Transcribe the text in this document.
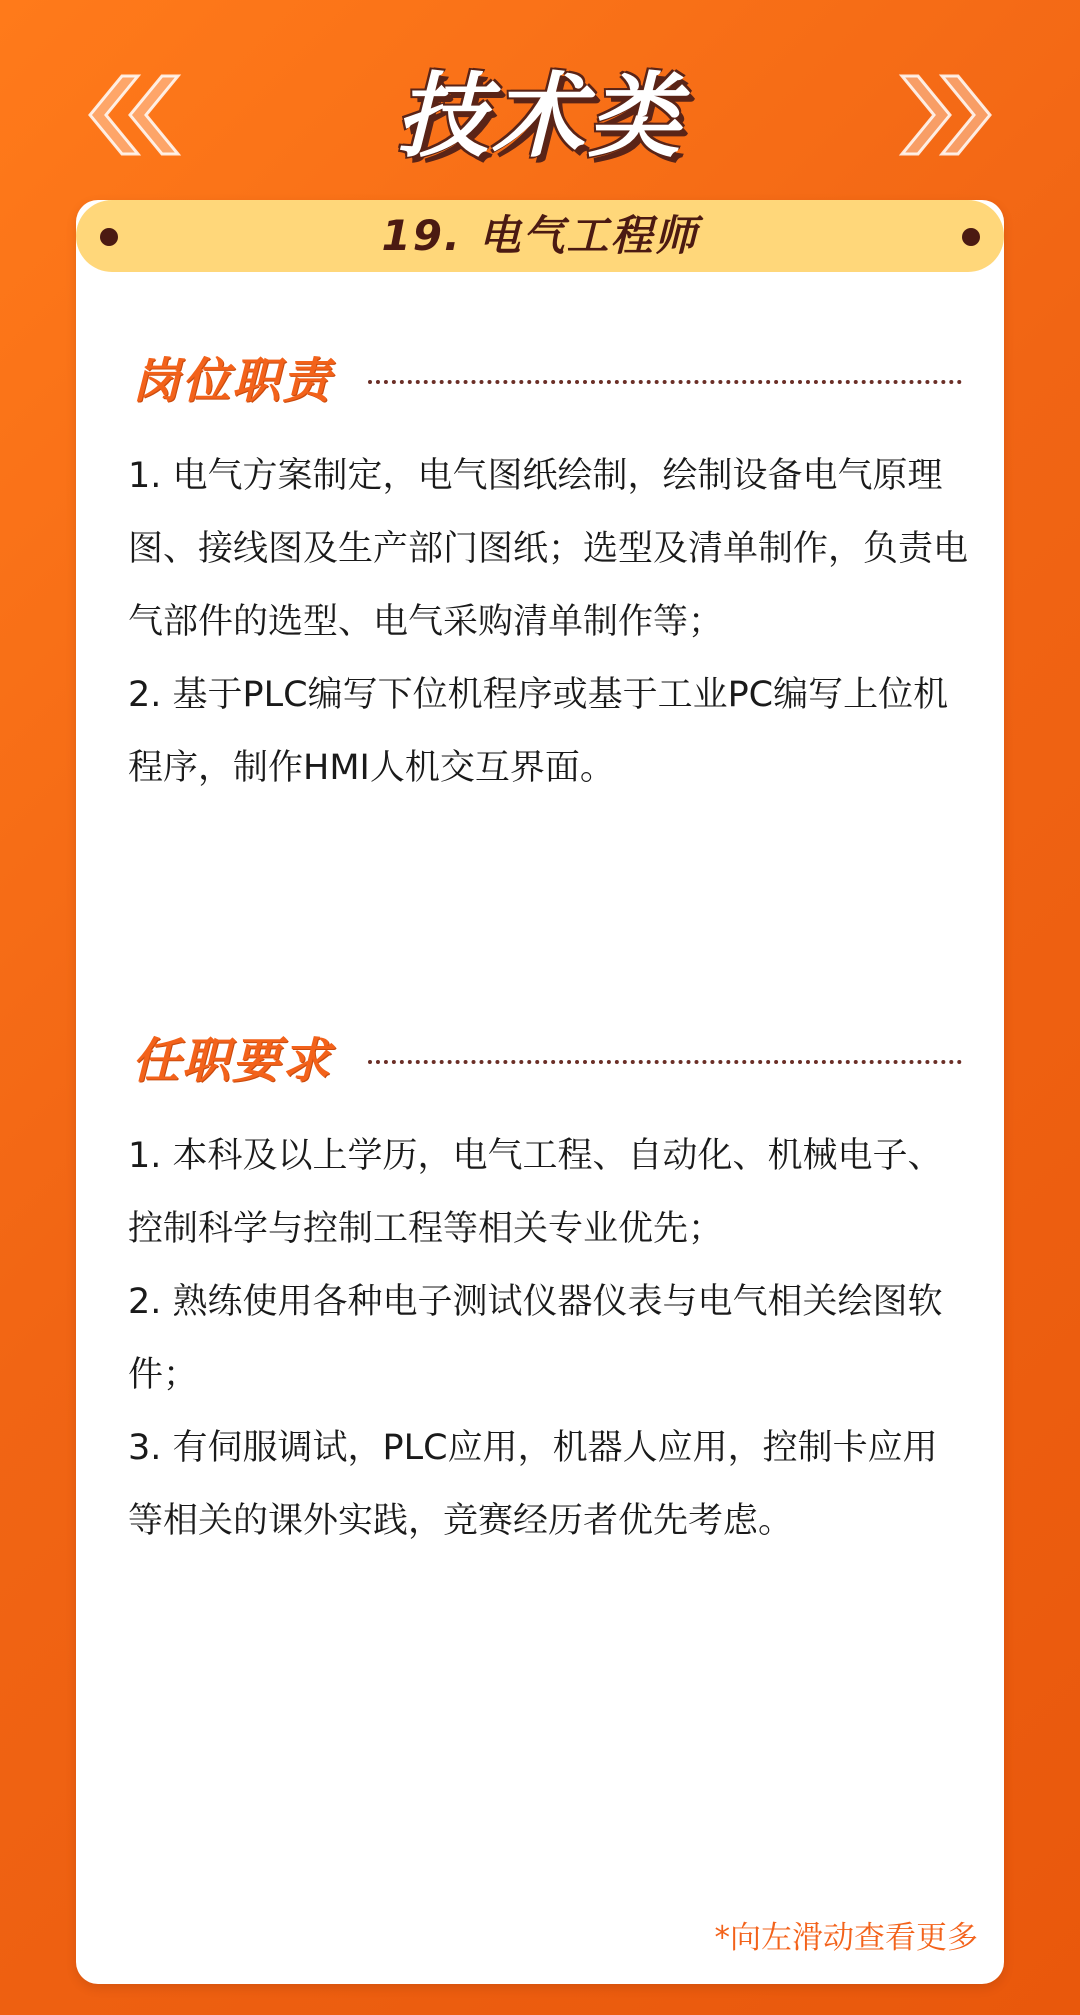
技术类
19. 电气工程师
岗位职责

1. 电气方案制定，电气图纸绘制，绘制设备电气原理图、接线图及生产部门图纸；选型及清单制作，负责电气部件的选型、电气采购清单制作等；

2. 基于PLC编写下位机程序或基于工业PC编写上位机程序，制作HMI人机交互界面。

任职要求

1. 本科及以上学历，电气工程、自动化、机械电子、控制科学与控制工程等相关专业优先；

2. 熟练使用各种电子测试仪器仪表与电气相关绘图软件；

3. 有伺服调试，PLC应用，机器人应用，控制卡应用等相关的课外实践，竞赛经历者优先考虑。

*向左滑动查看更多
